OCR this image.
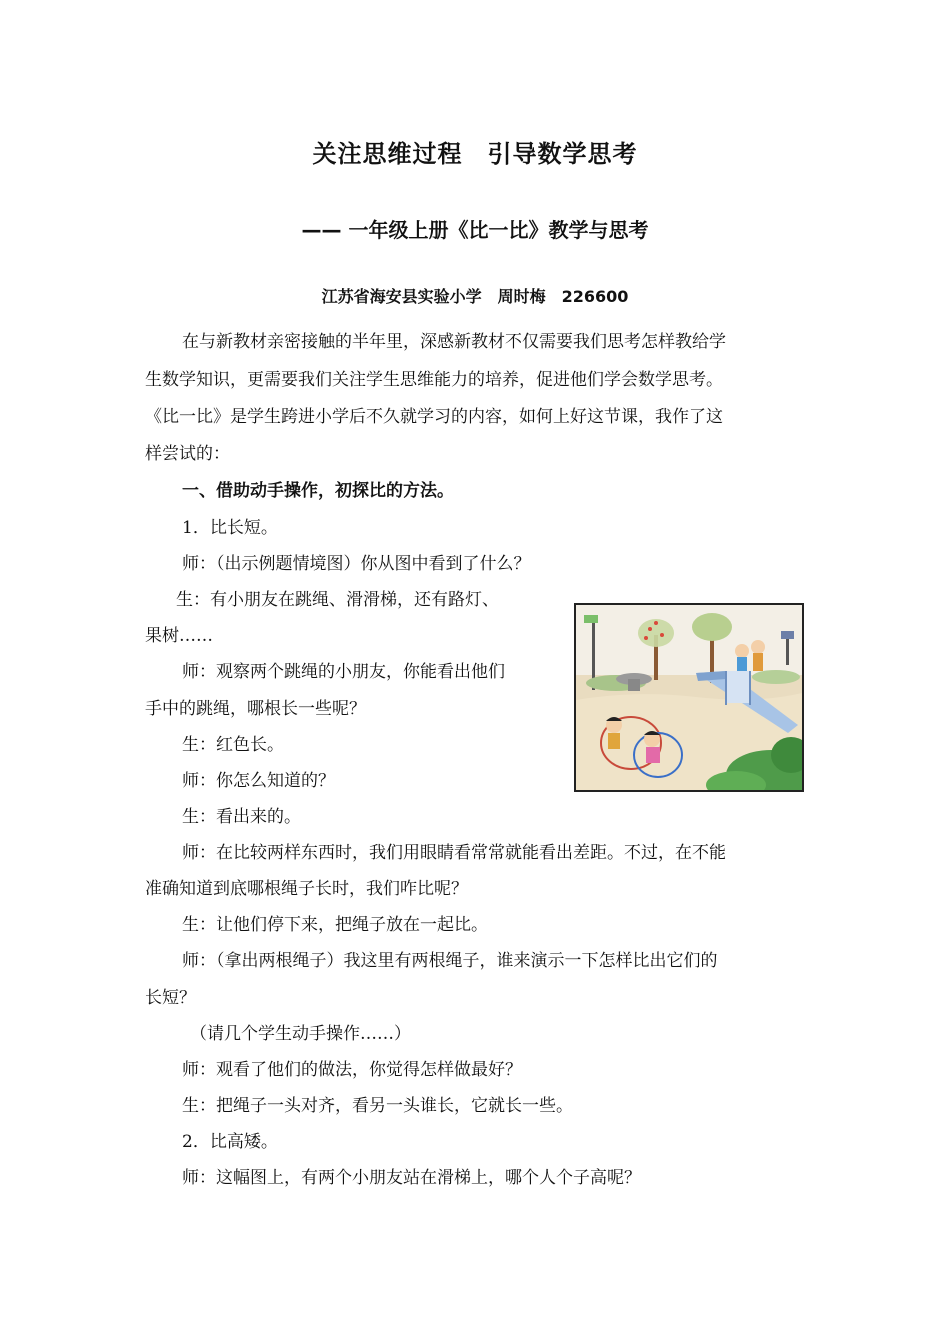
关注思维过程　引导数学思考
—— 一年级上册《比一比》教学与思考
江苏省海安县实验小学　周时梅　226600
在与新教材亲密接触的半年里，深感新教材不仅需要我们思考怎样教给学
生数学知识，更需要我们关注学生思维能力的培养，促进他们学会数学思考。
《比一比》是学生跨进小学后不久就学习的内容，如何上好这节课，我作了这
样尝试的：
一、借助动手操作，初探比的方法。
1．比长短。
师：（出示例题情境图）你从图中看到了什么？
生：有小朋友在跳绳、滑滑梯，还有路灯、
果树……
师：观察两个跳绳的小朋友，你能看出他们
手中的跳绳，哪根长一些呢？
生：红色长。
师：你怎么知道的？
生：看出来的。
师：在比较两样东西时，我们用眼睛看常常就能看出差距。不过，在不能
准确知道到底哪根绳子长时，我们咋比呢？
生：让他们停下来，把绳子放在一起比。
师：（拿出两根绳子）我这里有两根绳子，谁来演示一下怎样比出它们的
长短？
（请几个学生动手操作……）
师：观看了他们的做法，你觉得怎样做最好？
生：把绳子一头对齐，看另一头谁长，它就长一些。
2．比高矮。
师：这幅图上，有两个小朋友站在滑梯上，哪个人个子高呢？
